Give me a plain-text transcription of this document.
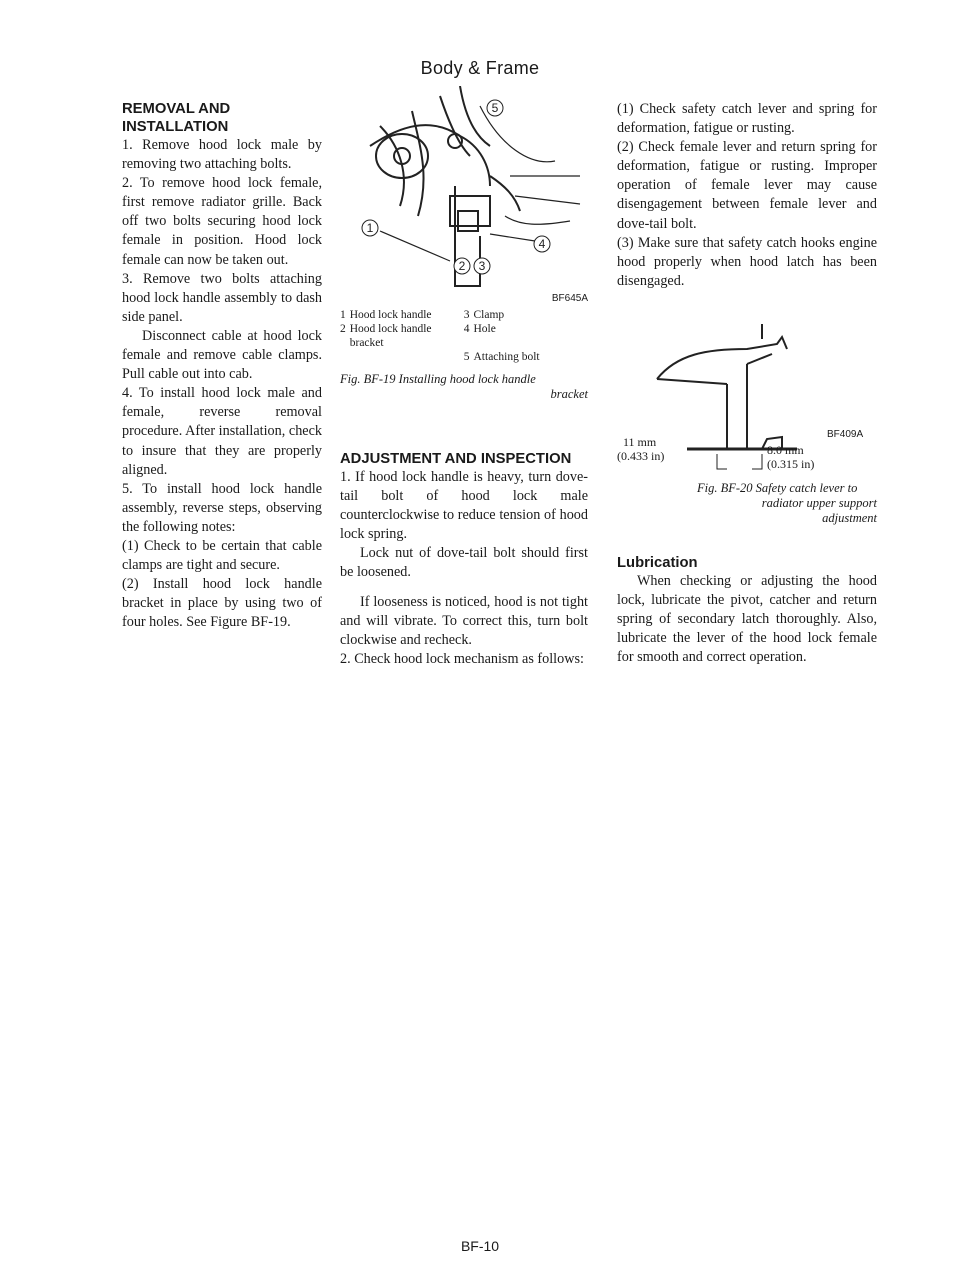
Body & Frame

REMOVAL AND INSTALLATION

1. Remove hood lock male by removing two attaching bolts.

2. To remove hood lock female, first remove radiator grille. Back off two bolts securing hood lock female in position. Hood lock female can now be taken out.

3. Remove two bolts attaching hood lock handle assembly to dash side panel.

Disconnect cable at hood lock female and remove cable clamps. Pull cable out into cab.

4. To install hood lock male and female, reverse removal procedure. After installation, check to insure that they are properly aligned.

5. To install hood lock handle assembly, reverse steps, observing the following notes:

(1) Check to be certain that cable clamps are tight and secure.

(2) Install hood lock handle bracket in place by using two of four holes. See Figure BF-19.

1
2 3
4
5
BF645A
1	Hood lock handle	3	Clamp
2	Hood lock handle bracket	4	Hole
		5	Attaching bolt
Fig. BF-19 Installing hood lock handle
bracket

ADJUSTMENT AND INSPECTION

1. If hood lock handle is heavy, turn dove-tail bolt of hood lock male counterclockwise to reduce tension of hood lock spring.

Lock nut of dove-tail bolt should first be loosened.

If looseness is noticed, hood is not tight and will vibrate. To correct this, turn bolt clockwise and recheck.

2. Check hood lock mechanism as follows:

(1) Check safety catch lever and spring for deformation, fatigue or rusting.

(2) Check female lever and return spring for deformation, fatigue or rusting. Improper operation of female lever may cause disengagement between female lever and dove-tail bolt.

(3) Make sure that safety catch hooks engine hood properly when hood latch has been disengaged.

BF409A
11 mm
(0.433 in)	8.0 mm
(0.315 in)
Fig. BF-20 Safety catch lever to
radiator upper support
adjustment

Lubrication

When checking or adjusting the hood lock, lubricate the pivot, catcher and return spring of secondary latch thoroughly. Also, lubricate the lever of the hood lock female for smooth and correct operation.

BF-10
